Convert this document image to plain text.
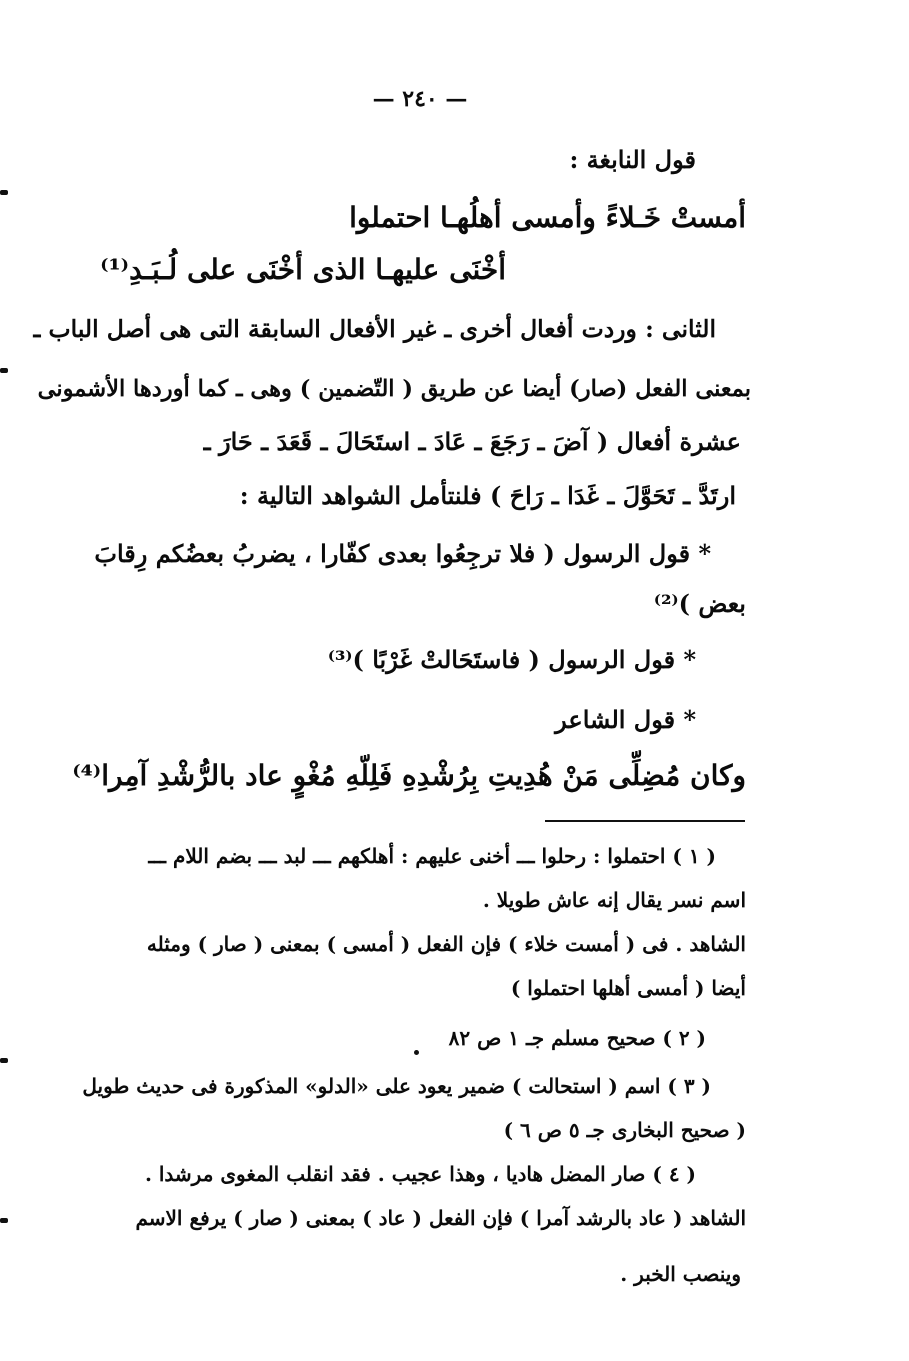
— ٢٤٠ —
قول النابغة :
أمستْ خَـلاءً وأمسى أهلُهـا احتملوا
أخْنَى عليهـا الذى أخْنَى على لُـبَـدِ⁽¹⁾
الثانى : وردت أفعال أخرى ـ غير الأفعال السابقة التى هى أصل الباب ـ
بمعنى الفعل (صار) أيضا عن طريق ( التّضمين ) وهى ـ كما أوردها الأشمونى
عشرة أفعال ( آضَ ـ رَجَعَ ـ عَادَ ـ استَحَالَ ـ قَعَدَ ـ حَارَ ـ
ارتَدَّ ـ تَحَوَّلَ ـ غَدَا ـ رَاحَ ) فلنتأمل الشواهد التالية :
* قول الرسول ( فلا ترجِعُوا بعدى كفّارا ، يضربُ بعضُكم رِقابَ
بعض )⁽²⁾
* قول الرسول ( فاستَحَالتْ غَرْبًا )⁽³⁾
* قول الشاعر
وكان مُضِلِّى مَنْ هُدِيتِ بِرُشْدِهِ فَلِلّهِ مُغْوٍ عاد بالرُّشْدِ آمِرا⁽⁴⁾
( ١ ) احتملوا : رحلوا ـــ أخنى عليهم : أهلكهم ـــ لبد ـــ بضم اللام ـــ
اسم نسر يقال إنه عاش طويلا .
الشاهد . فى ( أمست خلاء ) فإن الفعل ( أمسى ) بمعنى ( صار ) ومثله
أيضا ( أمسى أهلها احتملوا )
( ٢ ) صحيح مسلم جـ ١ ص ٨٢
( ٣ ) اسم ( استحالت ) ضمير يعود على «الدلو» المذكورة فى حديث طويل
( صحيح البخارى جـ ٥ ص ٦ )
( ٤ ) صار المضل هاديا ، وهذا عجيب . فقد انقلب المغوى مرشدا .
الشاهد ( عاد بالرشد آمرا ) فإن الفعل ( عاد ) بمعنى ( صار ) يرفع الاسم
وينصب الخبر .
